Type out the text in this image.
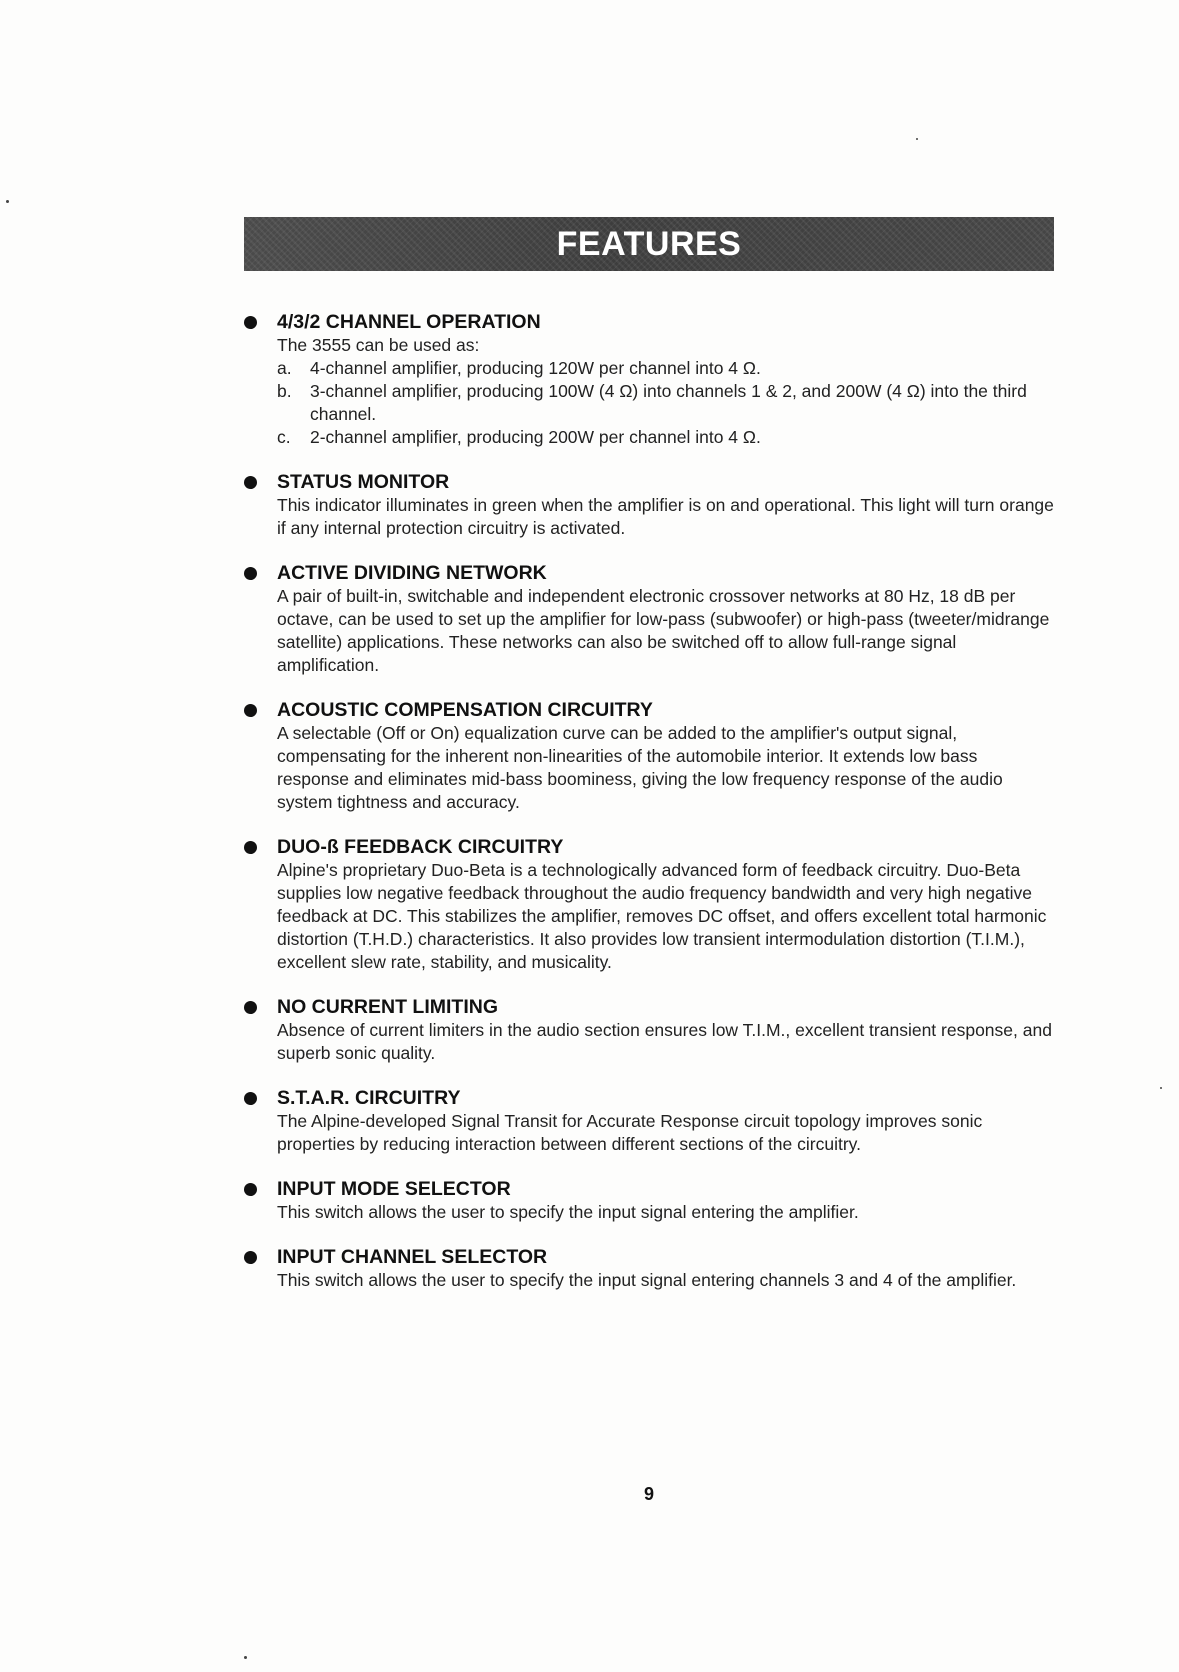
FEATURES
4/3/2 CHANNEL OPERATION
The 3555 can be used as:
a. 4-channel amplifier, producing 120W per channel into 4 Ω.
b. 3-channel amplifier, producing 100W (4 Ω) into channels 1 & 2, and 200W (4 Ω) into the third channel.
c. 2-channel amplifier, producing 200W per channel into 4 Ω.
STATUS MONITOR
This indicator illuminates in green when the amplifier is on and operational. This light will turn orange if any internal protection circuitry is activated.
ACTIVE DIVIDING NETWORK
A pair of built-in, switchable and independent electronic crossover networks at 80 Hz, 18 dB per octave, can be used to set up the amplifier for low-pass (subwoofer) or high-pass (tweeter/midrange satellite) applications. These networks can also be switched off to allow full-range signal amplification.
ACOUSTIC COMPENSATION CIRCUITRY
A selectable (Off or On) equalization curve can be added to the amplifier's output signal, compensating for the inherent non-linearities of the automobile interior. It extends low bass response and eliminates mid-bass boominess, giving the low frequency response of the audio system tightness and accuracy.
DUO-ß FEEDBACK CIRCUITRY
Alpine's proprietary Duo-Beta is a technologically advanced form of feedback circuitry. Duo-Beta supplies low negative feedback throughout the audio frequency bandwidth and very high negative feedback at DC. This stabilizes the amplifier, removes DC offset, and offers excellent total harmonic distortion (T.H.D.) characteristics. It also provides low transient intermodulation distortion (T.I.M.), excellent slew rate, stability, and musicality.
NO CURRENT LIMITING
Absence of current limiters in the audio section ensures low T.I.M., excellent transient response, and superb sonic quality.
S.T.A.R. CIRCUITRY
The Alpine-developed Signal Transit for Accurate Response circuit topology improves sonic properties by reducing interaction between different sections of the circuitry.
INPUT MODE SELECTOR
This switch allows the user to specify the input signal entering the amplifier.
INPUT CHANNEL SELECTOR
This switch allows the user to specify the input signal entering channels 3 and 4 of the amplifier.
9
